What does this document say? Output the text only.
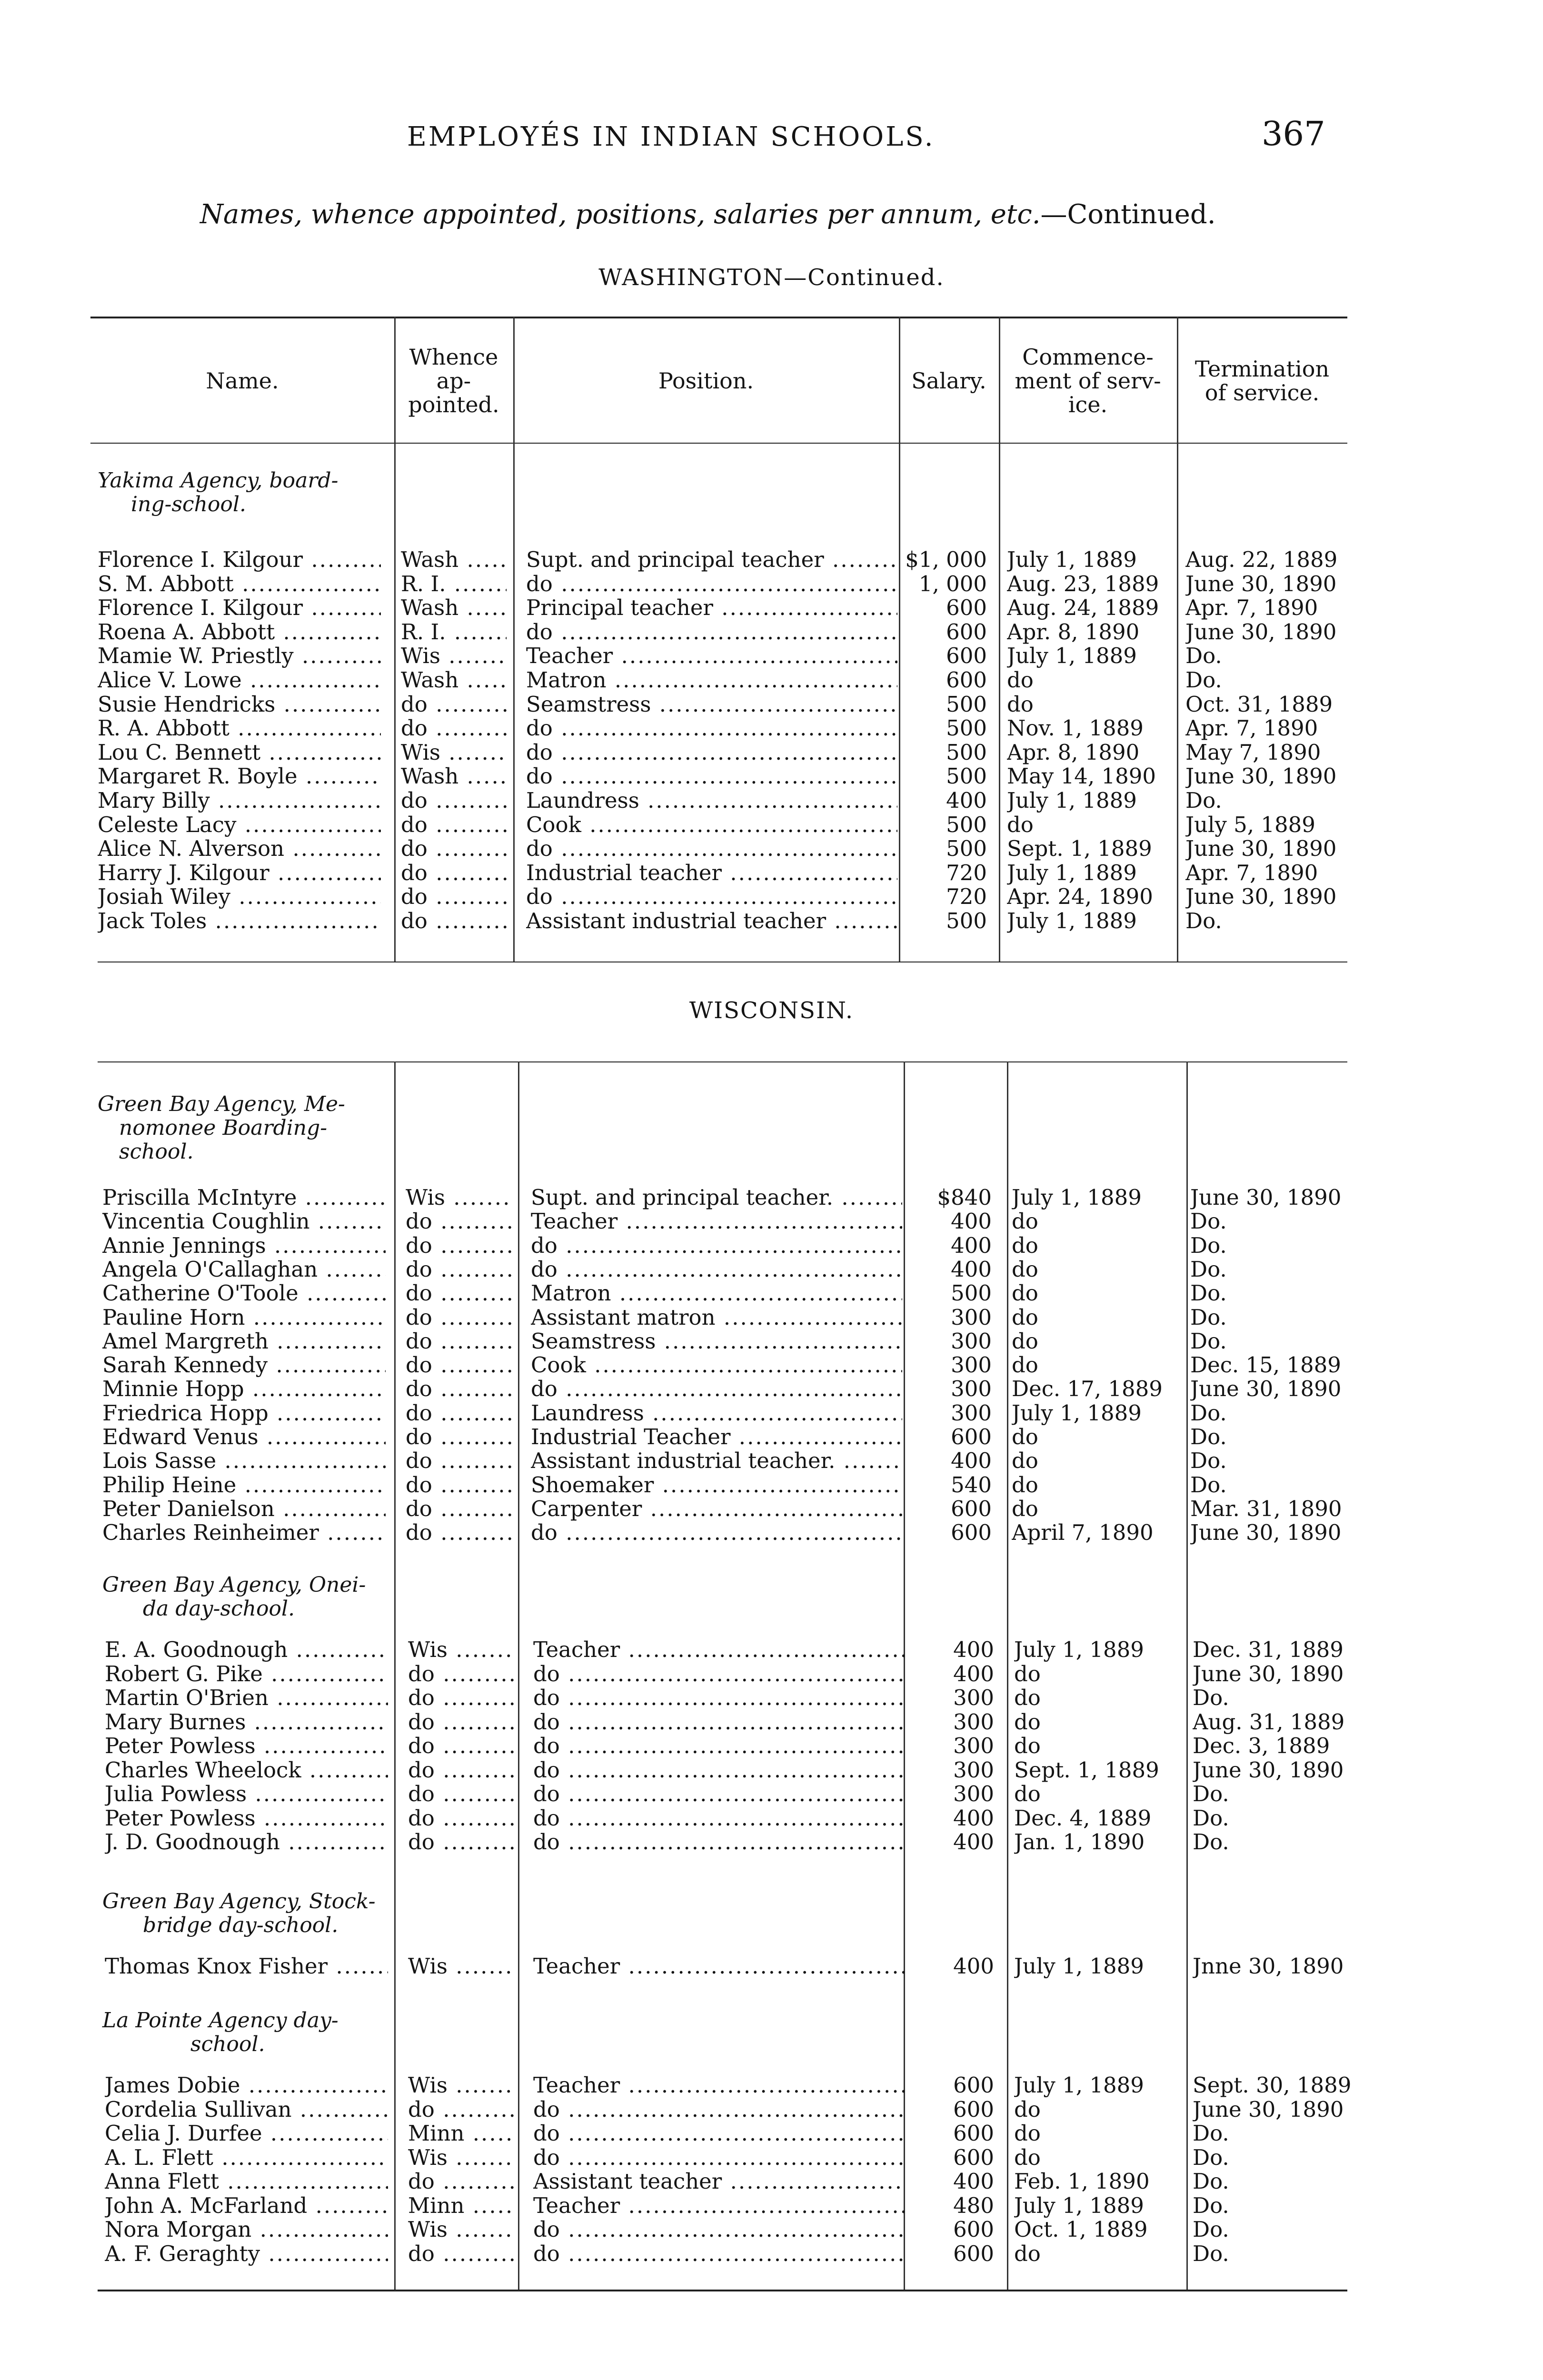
EMPLOYÉS IN INDIAN SCHOOLS.	367
Names, whence appointed, positions, salaries per annum, etc.—Continued.
WASHINGTON—Continued.
Name.
Whence
ap-
pointed.
Position.	Salary.
Commence-
ment of serv-
ice.
Termination
of service.
WISCONSIN.
Yakima Agency, board-
ing-school.
Green Bay Agency, Me-
nomonee Boarding-
school.
Green Bay Agency, Onei-
da day-school.
Green Bay Agency, Stock-
bridge day-school.
La Pointe Agency day-
school.
Florence I. Kilgour .....	Wash .....	Supt. and principal teacher .....	$1, 000 July 1, 1889	Aug. 22, 1889
S. M. Abbott .....	R. I. .....	do .....	1, 000 Aug. 23, 1889	June 30, 1890
Florence I. Kilgour .....	Wash .....	Principal teacher .....	600 Aug. 24, 1889	Apr. 7, 1890
Roena A. Abbott .....	R. I. .....	do .....	600 Apr. 8, 1890	June 30, 1890
Mamie W. Priestly .....	Wis .....	Teacher .....	600 July 1, 1889	Do.
Alice V. Lowe .....	Wash .....	Matron .....	600 do	Do.
Susie Hendricks .....	do .....	Seamstress .....	500 do	Oct. 31, 1889
R. A. Abbott .....	do .....	do .....	500 Nov. 1, 1889	Apr. 7, 1890
Lou C. Bennett .....	Wis .....	do .....	500 Apr. 8, 1890	May 7, 1890
Margaret R. Boyle .....	Wash .....	do .....	500 May 14, 1890	June 30, 1890
Mary Billy .....	do .....	Laundress .....	400 July 1, 1889	Do.
Celeste Lacy .....	do .....	Cook .....	500 do	July 5, 1889
Alice N. Alverson .....	do .....	do .....	500 Sept. 1, 1889	June 30, 1890
Harry J. Kilgour .....	do .....	Industrial teacher .....	720 July 1, 1889	Apr. 7, 1890
Josiah Wiley .....	do .....	do .....	720 Apr. 24, 1890	June 30, 1890
Jack Toles .....	do .....	Assistant industrial teacher .....	500 July 1, 1889	Do.
Priscilla McIntyre .....	Wis .....	Supt. and principal teacher. .....	$840 July 1, 1889	June 30, 1890
Vincentia Coughlin .....	do .....	Teacher .....	400 do	Do.
Annie Jennings .....	do .....	do .....	400 do	Do.
Angela O'Callaghan .....	do .....	do .....	400 do	Do.
Catherine O'Toole .....	do .....	Matron .....	500 do	Do.
Pauline Horn .....	do .....	Assistant matron .....	300 do	Do.
Amel Margreth .....	do .....	Seamstress .....	300 do	Do.
Sarah Kennedy .....	do .....	Cook .....	300 do	Dec. 15, 1889
Minnie Hopp .....	do .....	do .....	300 Dec. 17, 1889	June 30, 1890
Friedrica Hopp .....	do .....	Laundress .....	300 July 1, 1889	Do.
Edward Venus .....	do .....	Industrial Teacher .....	600 do	Do.
Lois Sasse .....	do .....	Assistant industrial teacher. .....	400 do	Do.
Philip Heine .....	do .....	Shoemaker .....	540 do	Do.
Peter Danielson .....	do .....	Carpenter .....	600 do	Mar. 31, 1890
Charles Reinheimer .....	do .....	do .....	600 April 7, 1890	June 30, 1890
E. A. Goodnough .....	Wis .....	Teacher .....	400 July 1, 1889	Dec. 31, 1889
Robert G. Pike .....	do .....	do .....	400 do	June 30, 1890
Martin O'Brien .....	do .....	do .....	300 do	Do.
Mary Burnes .....	do .....	do .....	300 do	Aug. 31, 1889
Peter Powless .....	do .....	do .....	300 do	Dec. 3, 1889
Charles Wheelock .....	do .....	do .....	300 Sept. 1, 1889	June 30, 1890
Julia Powless .....	do .....	do .....	300 do	Do.
Peter Powless .....	do .....	do .....	400 Dec. 4, 1889	Do.
J. D. Goodnough .....	do .....	do .....	400 Jan. 1, 1890	Do.
Thomas Knox Fisher .....	Wis .....	Teacher .....	400 July 1, 1889	Jnne 30, 1890
James Dobie .....	Wis .....	Teacher .....	600 July 1, 1889	Sept. 30, 1889
Cordelia Sullivan .....	do .....	do .....	600 do	June 30, 1890
Celia J. Durfee .....	Minn .....	do .....	600 do	Do.
A. L. Flett .....	Wis .....	do .....	600 do	Do.
Anna Flett .....	do .....	Assistant teacher .....	400 Feb. 1, 1890	Do.
John A. McFarland .....	Minn .....	Teacher .....	480 July 1, 1889	Do.
Nora Morgan .....	Wis .....	do .....	600 Oct. 1, 1889	Do.
A. F. Geraghty .....	do .....	do .....	600 do	Do.
